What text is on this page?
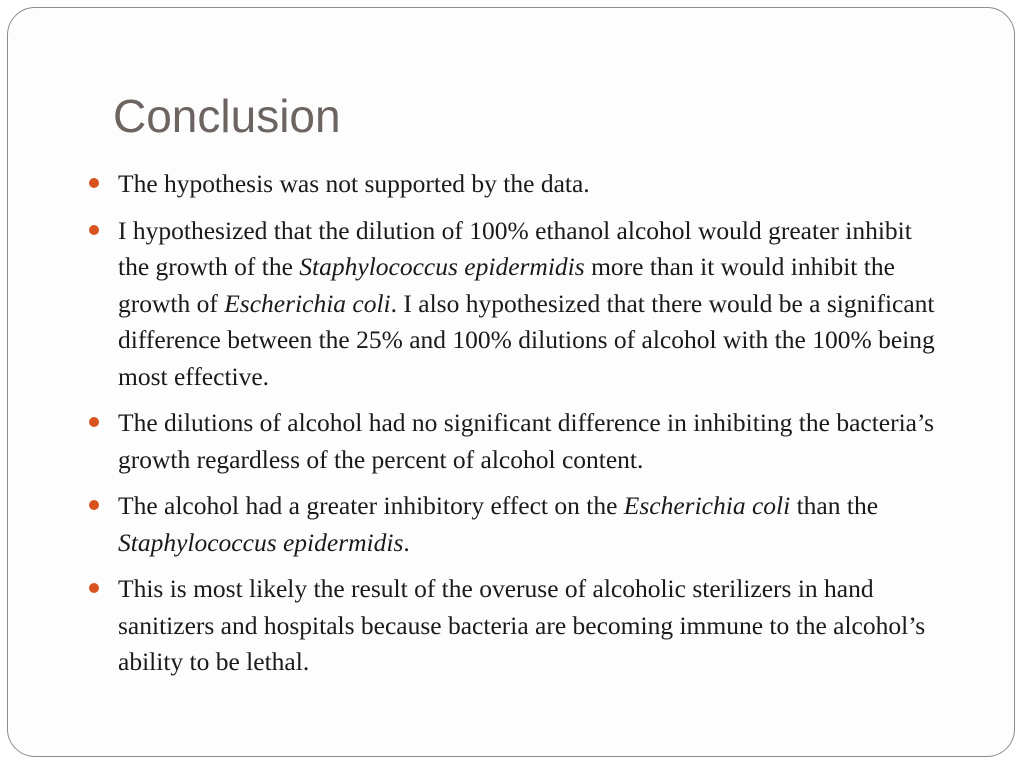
Conclusion
The hypothesis was not supported by the data.
I hypothesized that the dilution of 100% ethanol alcohol would greater inhibit the growth of the Staphylococcus epidermidis more than it would inhibit the growth of Escherichia coli. I also hypothesized that there would be a significant difference between the 25% and 100% dilutions of alcohol with the 100% being most effective.
The dilutions of alcohol had no significant difference in inhibiting the bacteria’s growth regardless of the percent of alcohol content.
The alcohol had a greater inhibitory effect on the Escherichia coli than the Staphylococcus epidermidis.
This is most likely the result of the overuse of alcoholic sterilizers in hand sanitizers and hospitals because bacteria are becoming immune to the alcohol’s ability to be lethal.
